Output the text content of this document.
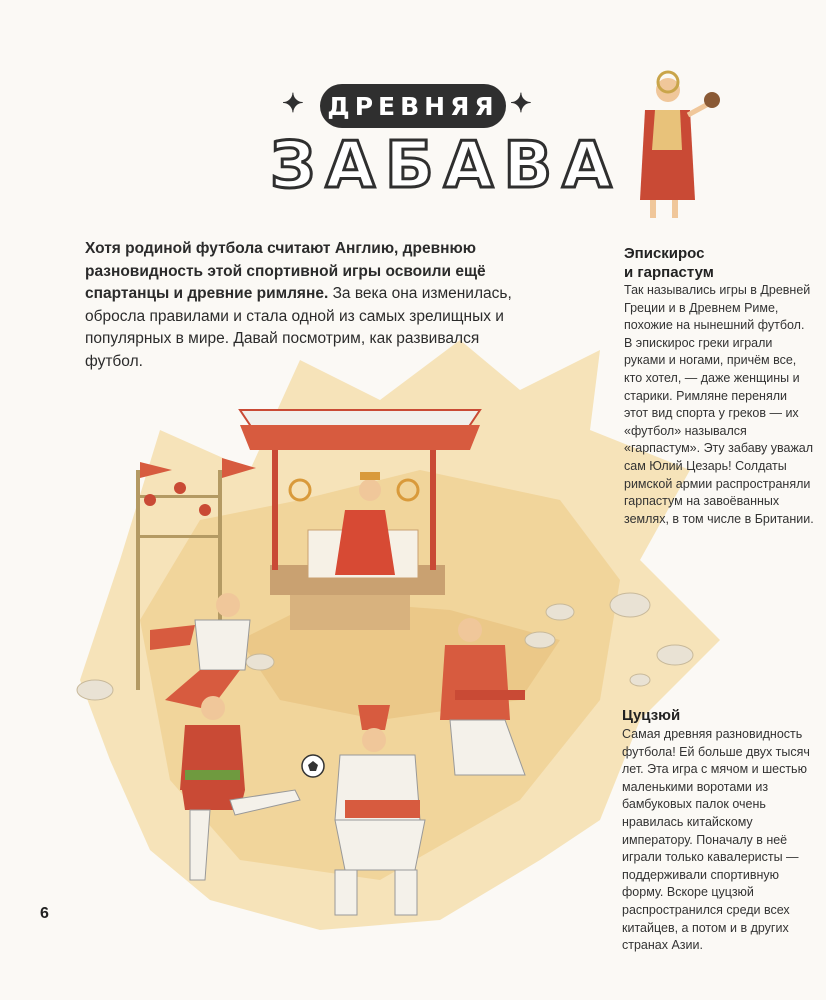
✦ ДРЕВНЯЯ ✦
ЗАБАВА
Хотя родиной футбола считают Англию, древнюю разновидность этой спортивной игры освоили ещё спартанцы и древние римляне. За века она изменилась, обросла правилами и стала одной из самых зрелищных и популярных в мире. Давай посмотрим, как развивался футбол.
Эпискирос
и гарпастум
Так назывались игры в Древней Греции и в Древнем Риме, похожие на нынешний футбол. В эпискирос греки играли руками и ногами, причём все, кто хотел, — даже женщины и старики. Римляне переняли этот вид спорта у греков — их «футбол» назывался «гарпастум». Эту забаву уважал сам Юлий Цезарь! Солдаты римской армии распространяли гарпастум на завоёванных землях, в том числе в Британии.
Цуцзюй
Самая древняя разновидность футбола! Ей больше двух тысяч лет. Эта игра с мячом и шестью маленькими воротами из бамбуковых палок очень нравилась китайскому императору. Поначалу в неё играли только кавалеристы — поддерживали спортивную форму. Вскоре цуцзюй распространился среди всех китайцев, а потом и в других странах Азии.
6
